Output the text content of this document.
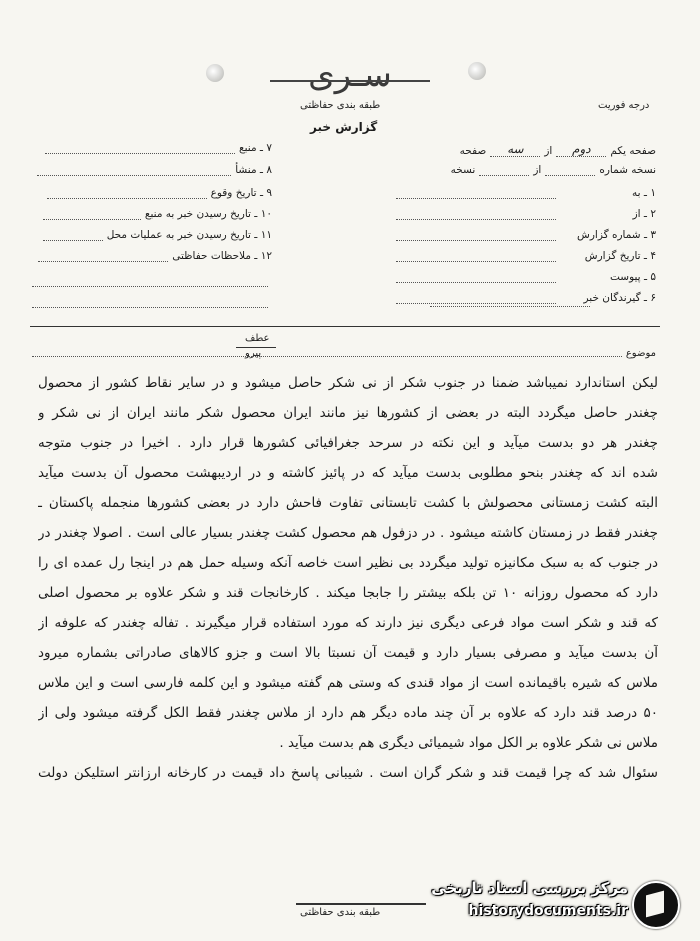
سـری
طبقه بندی حفاظتی	درجه فوریت
گزارش خبر
صفحه یکم
دوم
از
سه
صفحه
نسخه شماره
از
نسخه
۱ ـ به
۲ ـ از
۳ ـ شماره گزارش
۴ ـ تاریخ گزارش
۵ ـ پیوست
۶ ـ گیرندگان خبر
۷ ـ منبع
۸ ـ منشأ
۹ ـ تاریخ وقوع
۱۰ ـ تاریخ رسیدن خبر به منبع
۱۱ ـ تاریخ رسیدن خبر به عملیات محل
۱۲ ـ ملاحظات حفاظتی
عطف
پیرو	موضوع
لیکن استاندارد نمیباشد ضمنا در جنوب شکر از نی شکر حاصل میشود و در سایر نقاط کشور از محصول
چغندر حاصل میگردد البته در بعضی از کشورها نیز مانند ایران محصول شکر مانند ایران از نی شکر و
چغندر هر دو بدست میآید و این نکته در سرحد جغرافیائی کشورها قرار دارد . اخیرا در جنوب متوجه
شده اند که چغندر بنحو مطلوبی بدست میآید که در پائیز کاشته و در اردیبهشت محصول آن بدست میآید
البته کشت زمستانی محصولش با کشت تابستانی تفاوت فاحش دارد در بعضی کشورها منجمله پاکستان ـ
چغندر فقط در زمستان کاشته میشود . در دزفول هم محصول کشت چغندر بسیار عالی است . اصولا چغندر در
در جنوب که به سبک مکانیزه تولید میگردد بی نظیر است خاصه آنکه وسیله حمل هم در اینجا رل عمده ای را
دارد که محصول روزانه ۱۰ تن بلکه بیشتر را جابجا میکند . کارخانجات قند و شکر علاوه بر محصول اصلی
که قند و شکر است مواد فرعی دیگری نیز دارند که مورد استفاده قرار میگیرند . تفاله چغندر که علوفه از
آن بدست میآید و مصرفی بسیار دارد و قیمت آن نسبتا بالا است و جزو کالاهای صادراتی بشماره میرود
ملاس که شیره باقیمانده است از مواد قندی که وستی هم گفته میشود و این کلمه فارسی است و این ملاس
۵۰ درصد قند دارد که علاوه بر آن چند ماده دیگر هم دارد از ملاس چغندر فقط الکل گرفته میشود ولی از
ملاس نی شکر علاوه بر الکل مواد شیمیائی دیگری هم بدست میآید .
سئوال شد که چرا قیمت قند و شکر گران است . شیبانی پاسخ داد قیمت در کارخانه ارزانتر استلیکن دولت
طبقه بندی حفاظتی
مرکز بررسی اسناد تاریخی
historydocuments.ir
